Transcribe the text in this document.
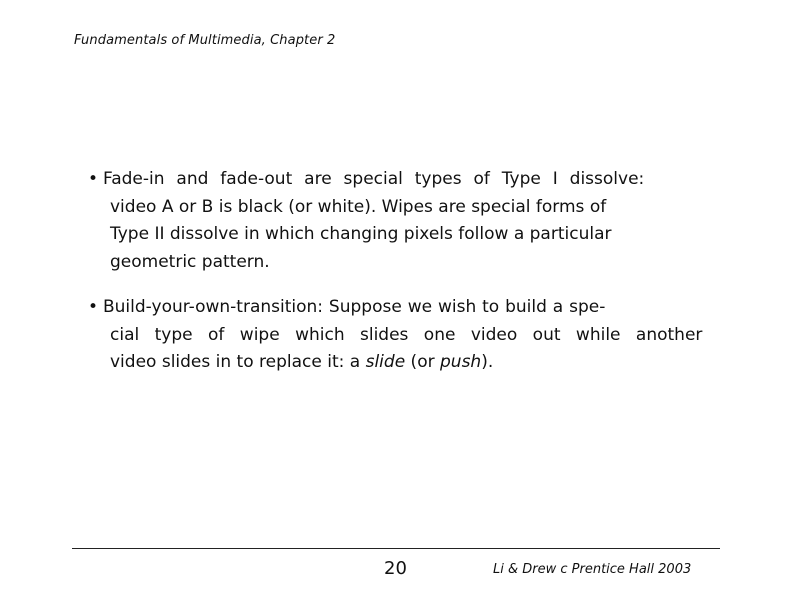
Fundamentals of Multimedia, Chapter 2
• Fade-in and fade-out are special types of Type I dissolve:
video A or B is black (or white). Wipes are special forms of
Type II dissolve in which changing pixels follow a particular
geometric pattern.
• Build-your-own-transition: Suppose we wish to build a spe-
cial type of wipe which slides one video out while another
video slides in to replace it: a slide (or push).
20	Li & Drew c Prentice Hall 2003
